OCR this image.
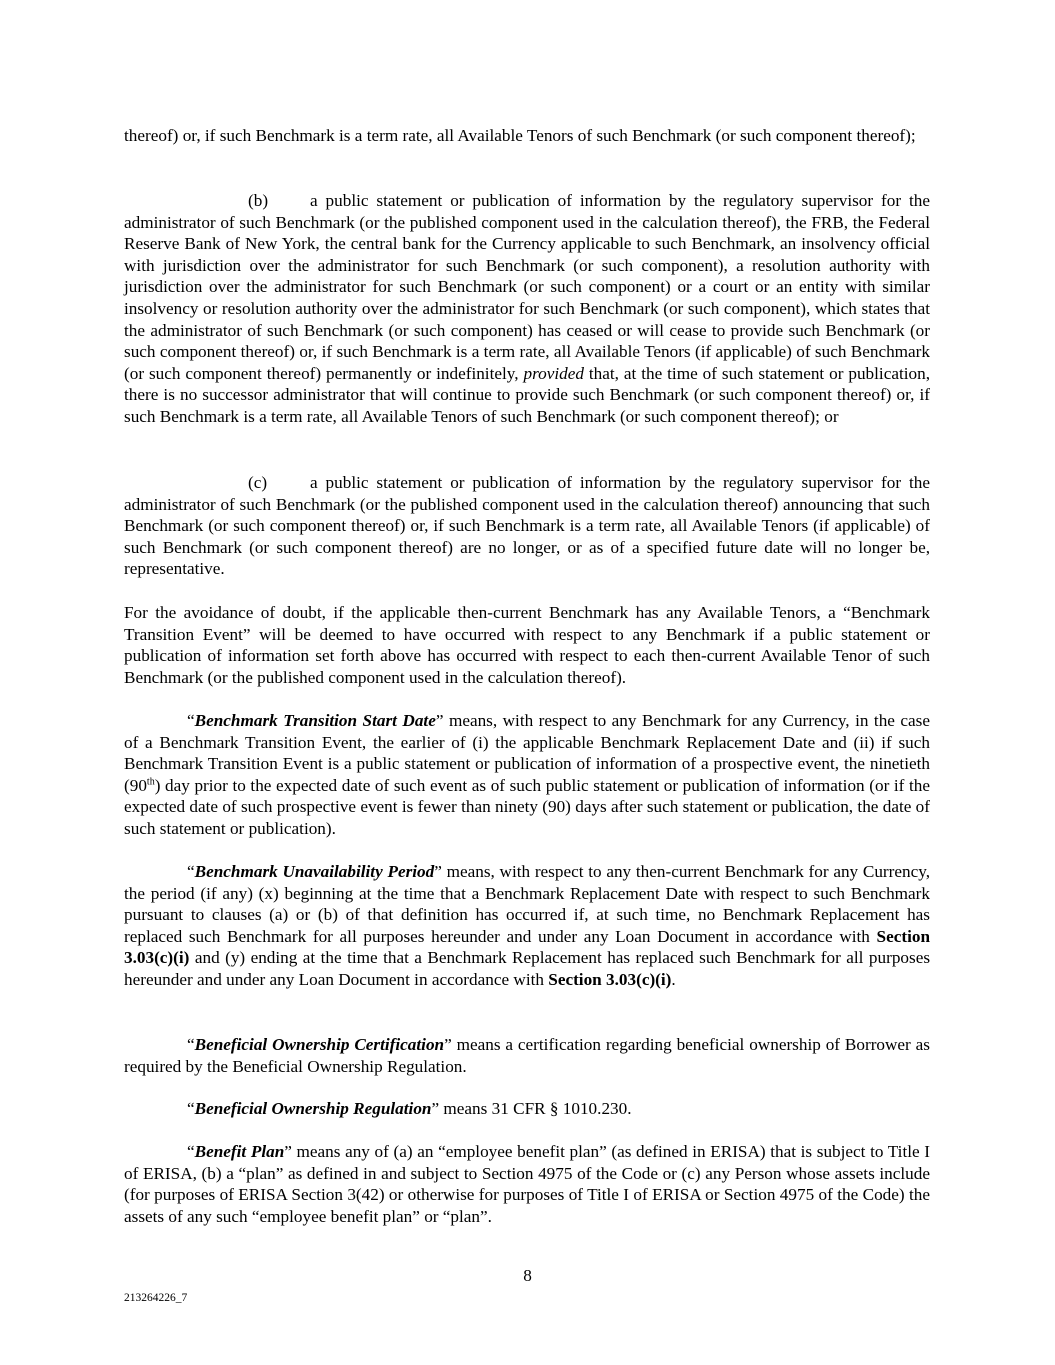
thereof) or, if such Benchmark is a term rate, all Available Tenors of such Benchmark (or such component thereof);

(b) a public statement or publication of information by the regulatory supervisor for the administrator of such Benchmark (or the published component used in the calculation thereof), the FRB, the Federal Reserve Bank of New York, the central bank for the Currency applicable to such Benchmark, an insolvency official with jurisdiction over the administrator for such Benchmark (or such component), a resolution authority with jurisdiction over the administrator for such Benchmark (or such component) or a court or an entity with similar insolvency or resolution authority over the administrator for such Benchmark (or such component), which states that the administrator of such Benchmark (or such component) has ceased or will cease to provide such Benchmark (or such component thereof) or, if such Benchmark is a term rate, all Available Tenors (if applicable) of such Benchmark (or such component thereof) permanently or indefinitely, provided that, at the time of such statement or publication, there is no successor administrator that will continue to provide such Benchmark (or such component thereof) or, if such Benchmark is a term rate, all Available Tenors of such Benchmark (or such component thereof); or

(c) a public statement or publication of information by the regulatory supervisor for the administrator of such Benchmark (or the published component used in the calculation thereof) announcing that such Benchmark (or such component thereof) or, if such Benchmark is a term rate, all Available Tenors (if applicable) of such Benchmark (or such component thereof) are no longer, or as of a specified future date will no longer be, representative.

For the avoidance of doubt, if the applicable then-current Benchmark has any Available Tenors, a “Benchmark Transition Event” will be deemed to have occurred with respect to any Benchmark if a public statement or publication of information set forth above has occurred with respect to each then-current Available Tenor of such Benchmark (or the published component used in the calculation thereof).

“Benchmark Transition Start Date” means, with respect to any Benchmark for any Currency, in the case of a Benchmark Transition Event, the earlier of (i) the applicable Benchmark Replacement Date and (ii) if such Benchmark Transition Event is a public statement or publication of information of a prospective event, the ninetieth (90th) day prior to the expected date of such event as of such public statement or publication of information (or if the expected date of such prospective event is fewer than ninety (90) days after such statement or publication, the date of such statement or publication).

“Benchmark Unavailability Period” means, with respect to any then-current Benchmark for any Currency, the period (if any) (x) beginning at the time that a Benchmark Replacement Date with respect to such Benchmark pursuant to clauses (a) or (b) of that definition has occurred if, at such time, no Benchmark Replacement has replaced such Benchmark for all purposes hereunder and under any Loan Document in accordance with Section 3.03(c)(i) and (y) ending at the time that a Benchmark Replacement has replaced such Benchmark for all purposes hereunder and under any Loan Document in accordance with Section 3.03(c)(i).

“Beneficial Ownership Certification” means a certification regarding beneficial ownership of Borrower as required by the Beneficial Ownership Regulation.

“Beneficial Ownership Regulation” means 31 CFR § 1010.230.

“Benefit Plan” means any of (a) an “employee benefit plan” (as defined in ERISA) that is subject to Title I of ERISA, (b) a “plan” as defined in and subject to Section 4975 of the Code or (c) any Person whose assets include (for purposes of ERISA Section 3(42) or otherwise for purposes of Title I of ERISA or Section 4975 of the Code) the assets of any such “employee benefit plan” or “plan”.

8
213264226_7
